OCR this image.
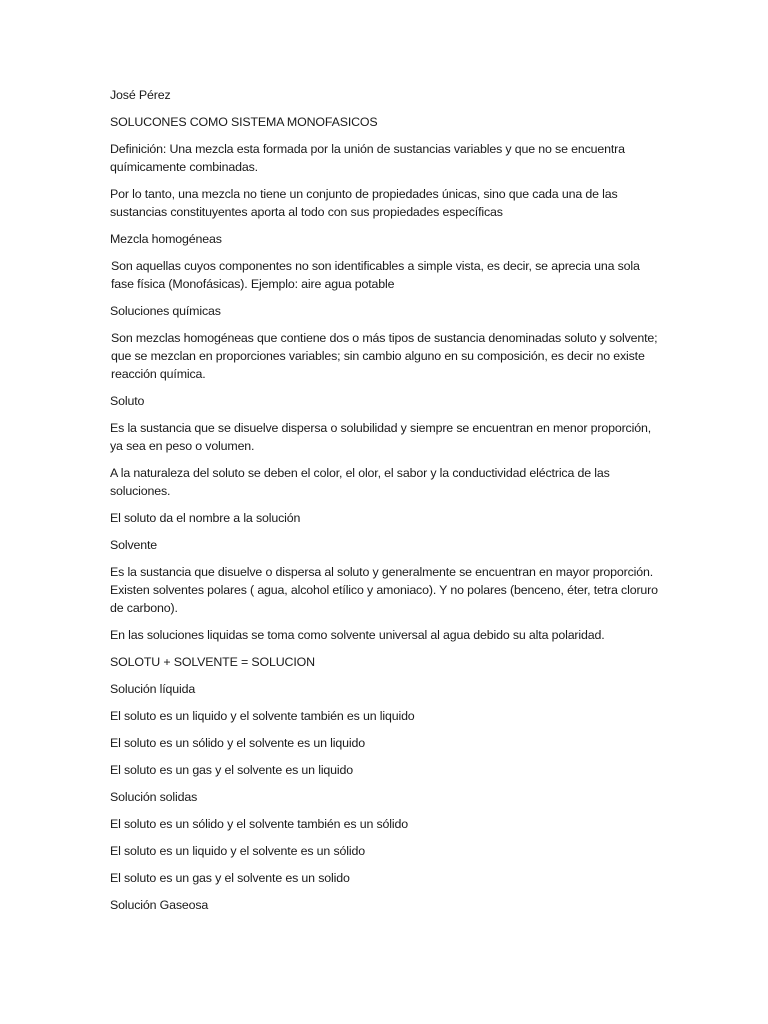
José Pérez

SOLUCONES COMO SISTEMA MONOFASICOS

Definición: Una mezcla esta formada por la unión de sustancias variables y que no se encuentra químicamente combinadas.

Por lo tanto, una mezcla no tiene un conjunto de propiedades únicas, sino que cada una de las sustancias constituyentes aporta al todo con sus propiedades específicas

Mezcla homogéneas

Son aquellas cuyos componentes no son identificables a simple vista, es decir, se aprecia una sola fase física (Monofásicas). Ejemplo: aire agua potable

Soluciones químicas

Son mezclas homogéneas que contiene dos o más tipos de sustancia denominadas soluto y solvente; que se mezclan en proporciones variables; sin cambio alguno en su composición, es decir no existe reacción química.

Soluto

Es la sustancia que se disuelve dispersa o solubilidad y siempre se encuentran en menor proporción, ya sea en peso o volumen.

A la naturaleza del soluto se deben el color, el olor, el sabor y la conductividad eléctrica de las soluciones.

El soluto da el nombre a la solución

Solvente

Es la sustancia que disuelve o dispersa al soluto y generalmente se encuentran en mayor proporción. Existen solventes polares ( agua, alcohol etílico y amoniaco). Y no polares (benceno, éter, tetra cloruro de carbono).

En las soluciones liquidas se toma como solvente universal al agua debido su alta polaridad.

SOLOTU + SOLVENTE = SOLUCION

Solución líquida

El soluto es un liquido y el solvente también es un liquido

El soluto es un sólido y el solvente es un liquido

El soluto es un gas y el solvente es un liquido

Solución solidas

El soluto es un sólido y el solvente también es un sólido

El soluto es un liquido y el solvente es un sólido

El soluto es un gas y el solvente es un solido

Solución Gaseosa
